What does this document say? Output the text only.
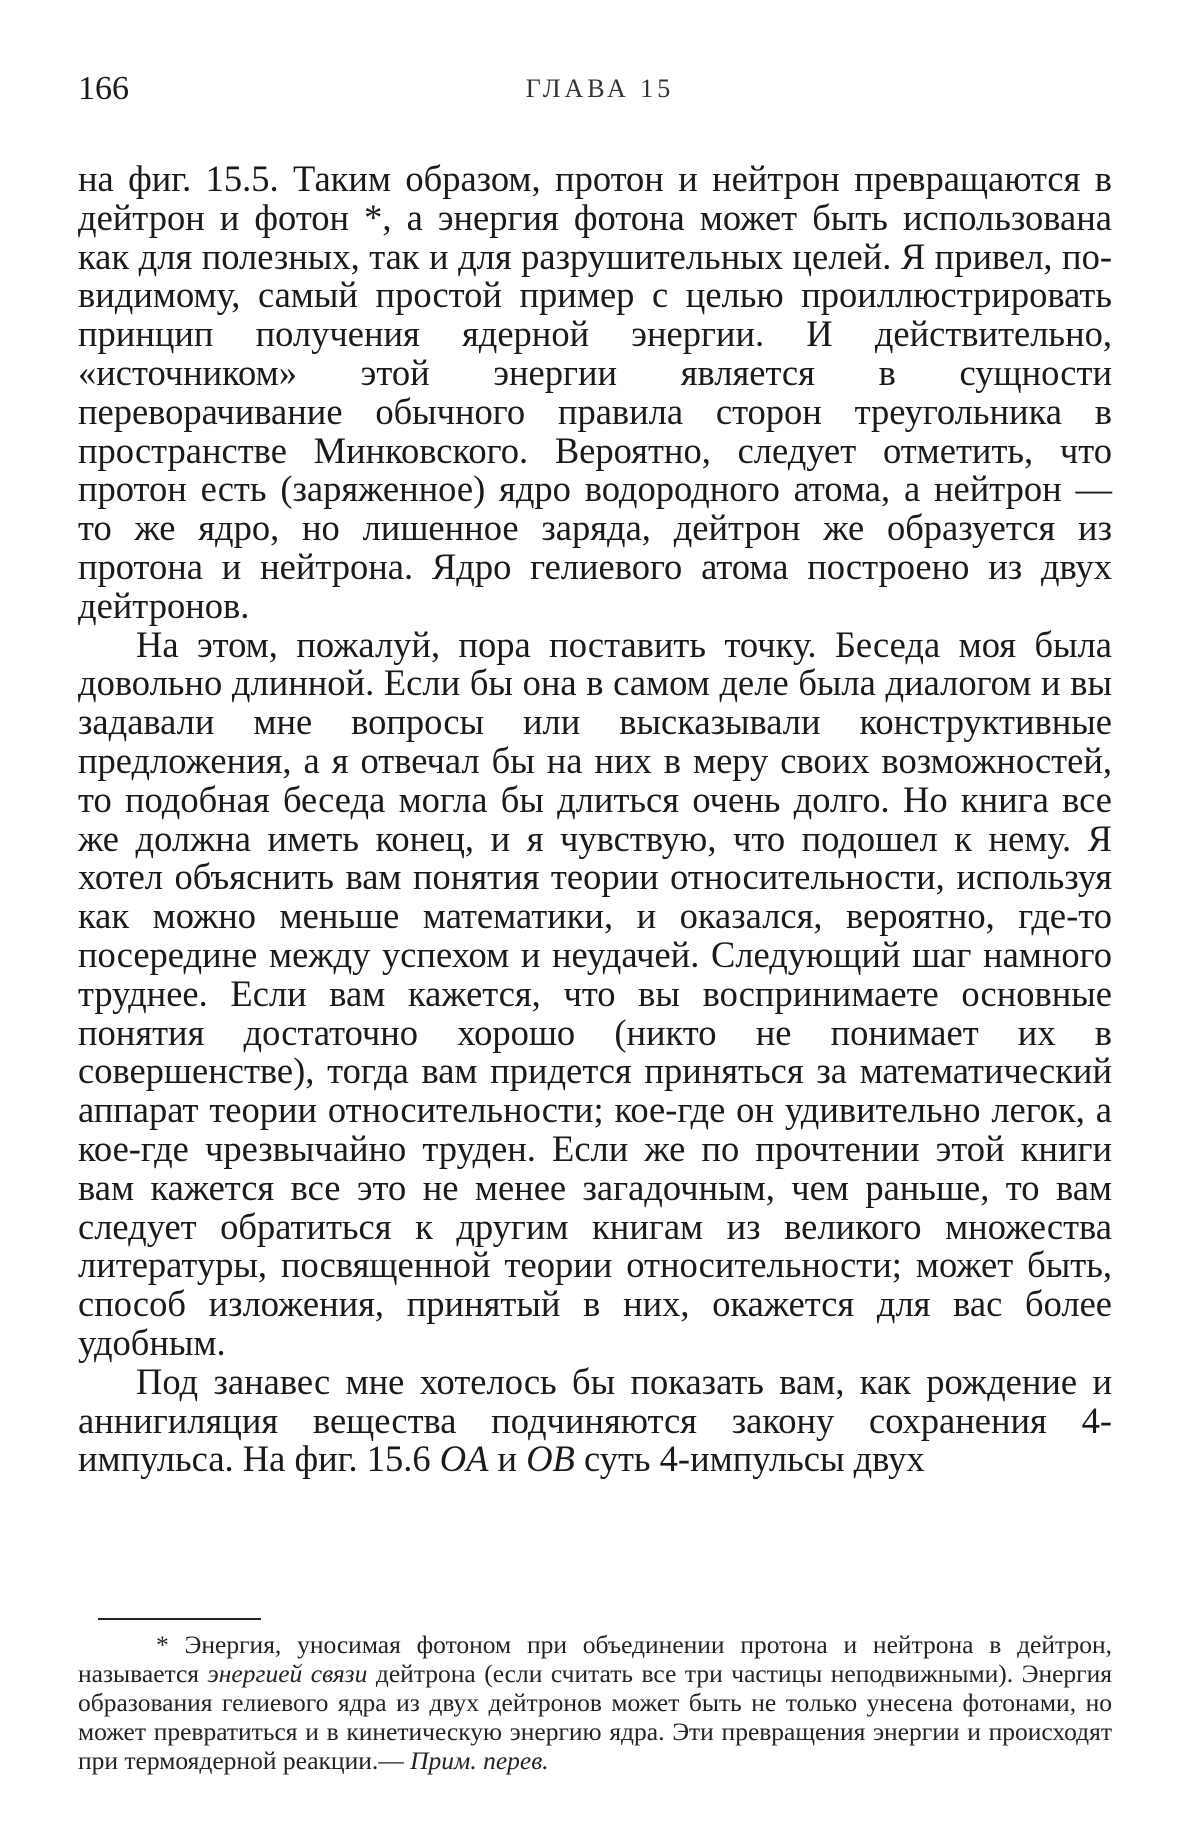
166	ГЛАВА 15

на фиг. 15.5. Таким образом, протон и нейтрон превращаются в дейтрон и фотон *, а энергия фотона может быть использована как для полезных, так и для разрушительных целей. Я привел, по-видимому, самый простой пример с целью проиллюстрировать принцип получения ядерной энергии. И действительно, «источником» этой энергии является в сущности переворачивание обычного правила сторон треугольника в пространстве Минковского. Вероятно, следует отметить, что протон есть (заряженное) ядро водородного атома, а нейтрон — то же ядро, но лишенное заряда, дейтрон же образуется из протона и нейтрона. Ядро гелиевого атома построено из двух дейтронов.

На этом, пожалуй, пора поставить точку. Беседа моя была довольно длинной. Если бы она в самом деле была диалогом и вы задавали мне вопросы или высказывали конструктивные предложения, а я отвечал бы на них в меру своих возможностей, то подобная беседа могла бы длиться очень долго. Но книга все же должна иметь конец, и я чувствую, что подошел к нему. Я хотел объяснить вам понятия теории относительности, используя как можно меньше математики, и оказался, вероятно, где-то посередине между успехом и неудачей. Следующий шаг намного труднее. Если вам кажется, что вы воспринимаете основные понятия достаточно хорошо (никто не понимает их в совершенстве), тогда вам придется приняться за математический аппарат теории относительности; кое-где он удивительно легок, а кое-где чрезвычайно труден. Если же по прочтении этой книги вам кажется все это не менее загадочным, чем раньше, то вам следует обратиться к другим книгам из великого множества литературы, посвященной теории относительности; может быть, способ изложения, принятый в них, окажется для вас более удобным.

Под занавес мне хотелось бы показать вам, как рождение и аннигиляция вещества подчиняются закону сохранения 4-импульса. На фиг. 15.6 OA и OB суть 4-импульсы двух

* Энергия, уносимая фотоном при объединении протона и нейтрона в дейтрон, называется энергией связи дейтрона (если считать все три частицы неподвижными). Энергия образования гелиевого ядра из двух дейтронов может быть не только унесена фотонами, но может превратиться и в кинетическую энергию ядра. Эти превращения энергии и происходят при термоядерной реакции.— Прим. перев.
